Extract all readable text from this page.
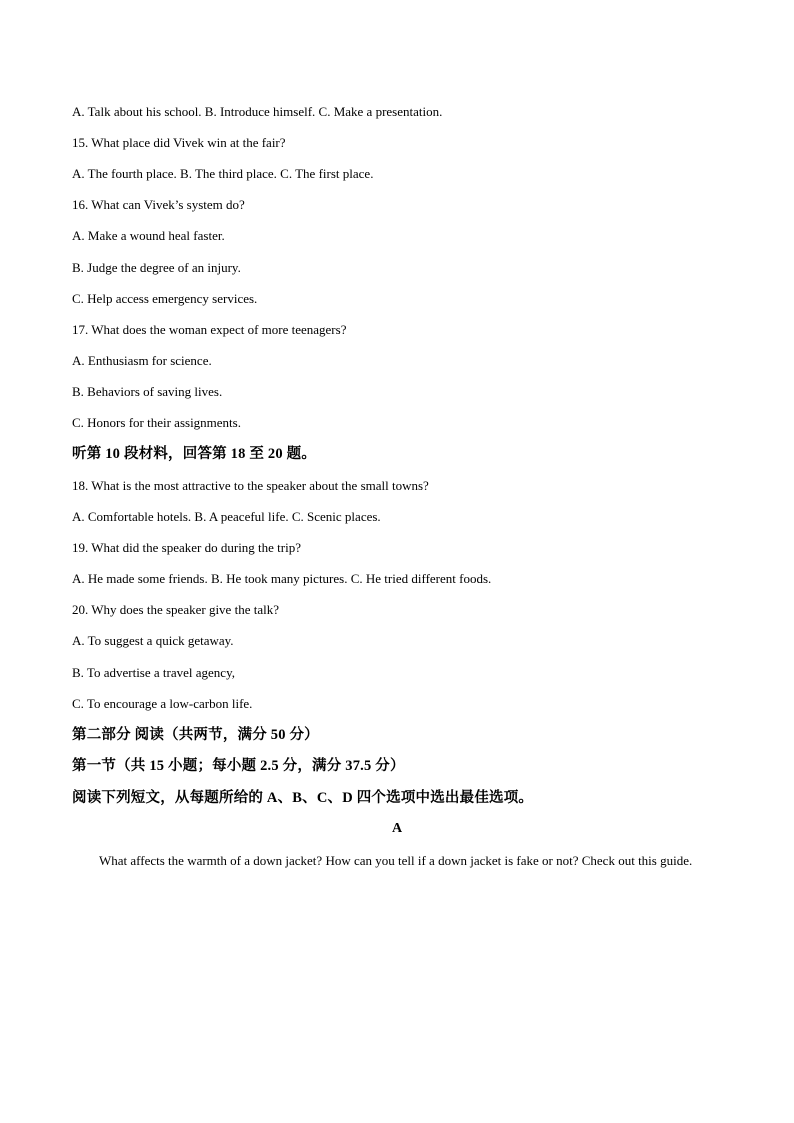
A. Talk about his school. B. Introduce himself. C. Make a presentation.
15. What place did Vivek win at the fair?
A. The fourth place. B. The third place. C. The first place.
16. What can Vivek’s system do?
A. Make a wound heal faster.
B. Judge the degree of an injury.
C. Help access emergency services.
17. What does the woman expect of more teenagers?
A. Enthusiasm for science.
B. Behaviors of saving lives.
C. Honors for their assignments.
听第 10 段材料，回答第 18 至 20 题。
18. What is the most attractive to the speaker about the small towns?
A. Comfortable hotels. B. A peaceful life. C. Scenic places.
19. What did the speaker do during the trip?
A. He made some friends. B. He took many pictures. C. He tried different foods.
20. Why does the speaker give the talk?
A. To suggest a quick getaway.
B. To advertise a travel agency,
C. To encourage a low-carbon life.
第二部分 阅读（共两节，满分 50 分）
第一节（共 15 小题；每小题 2.5 分，满分 37.5 分）
阅读下列短文，从每题所给的 A、B、C、D 四个选项中选出最佳选项。
A
What affects the warmth of a down jacket? How can you tell if a down jacket is fake or not? Check out this guide.
